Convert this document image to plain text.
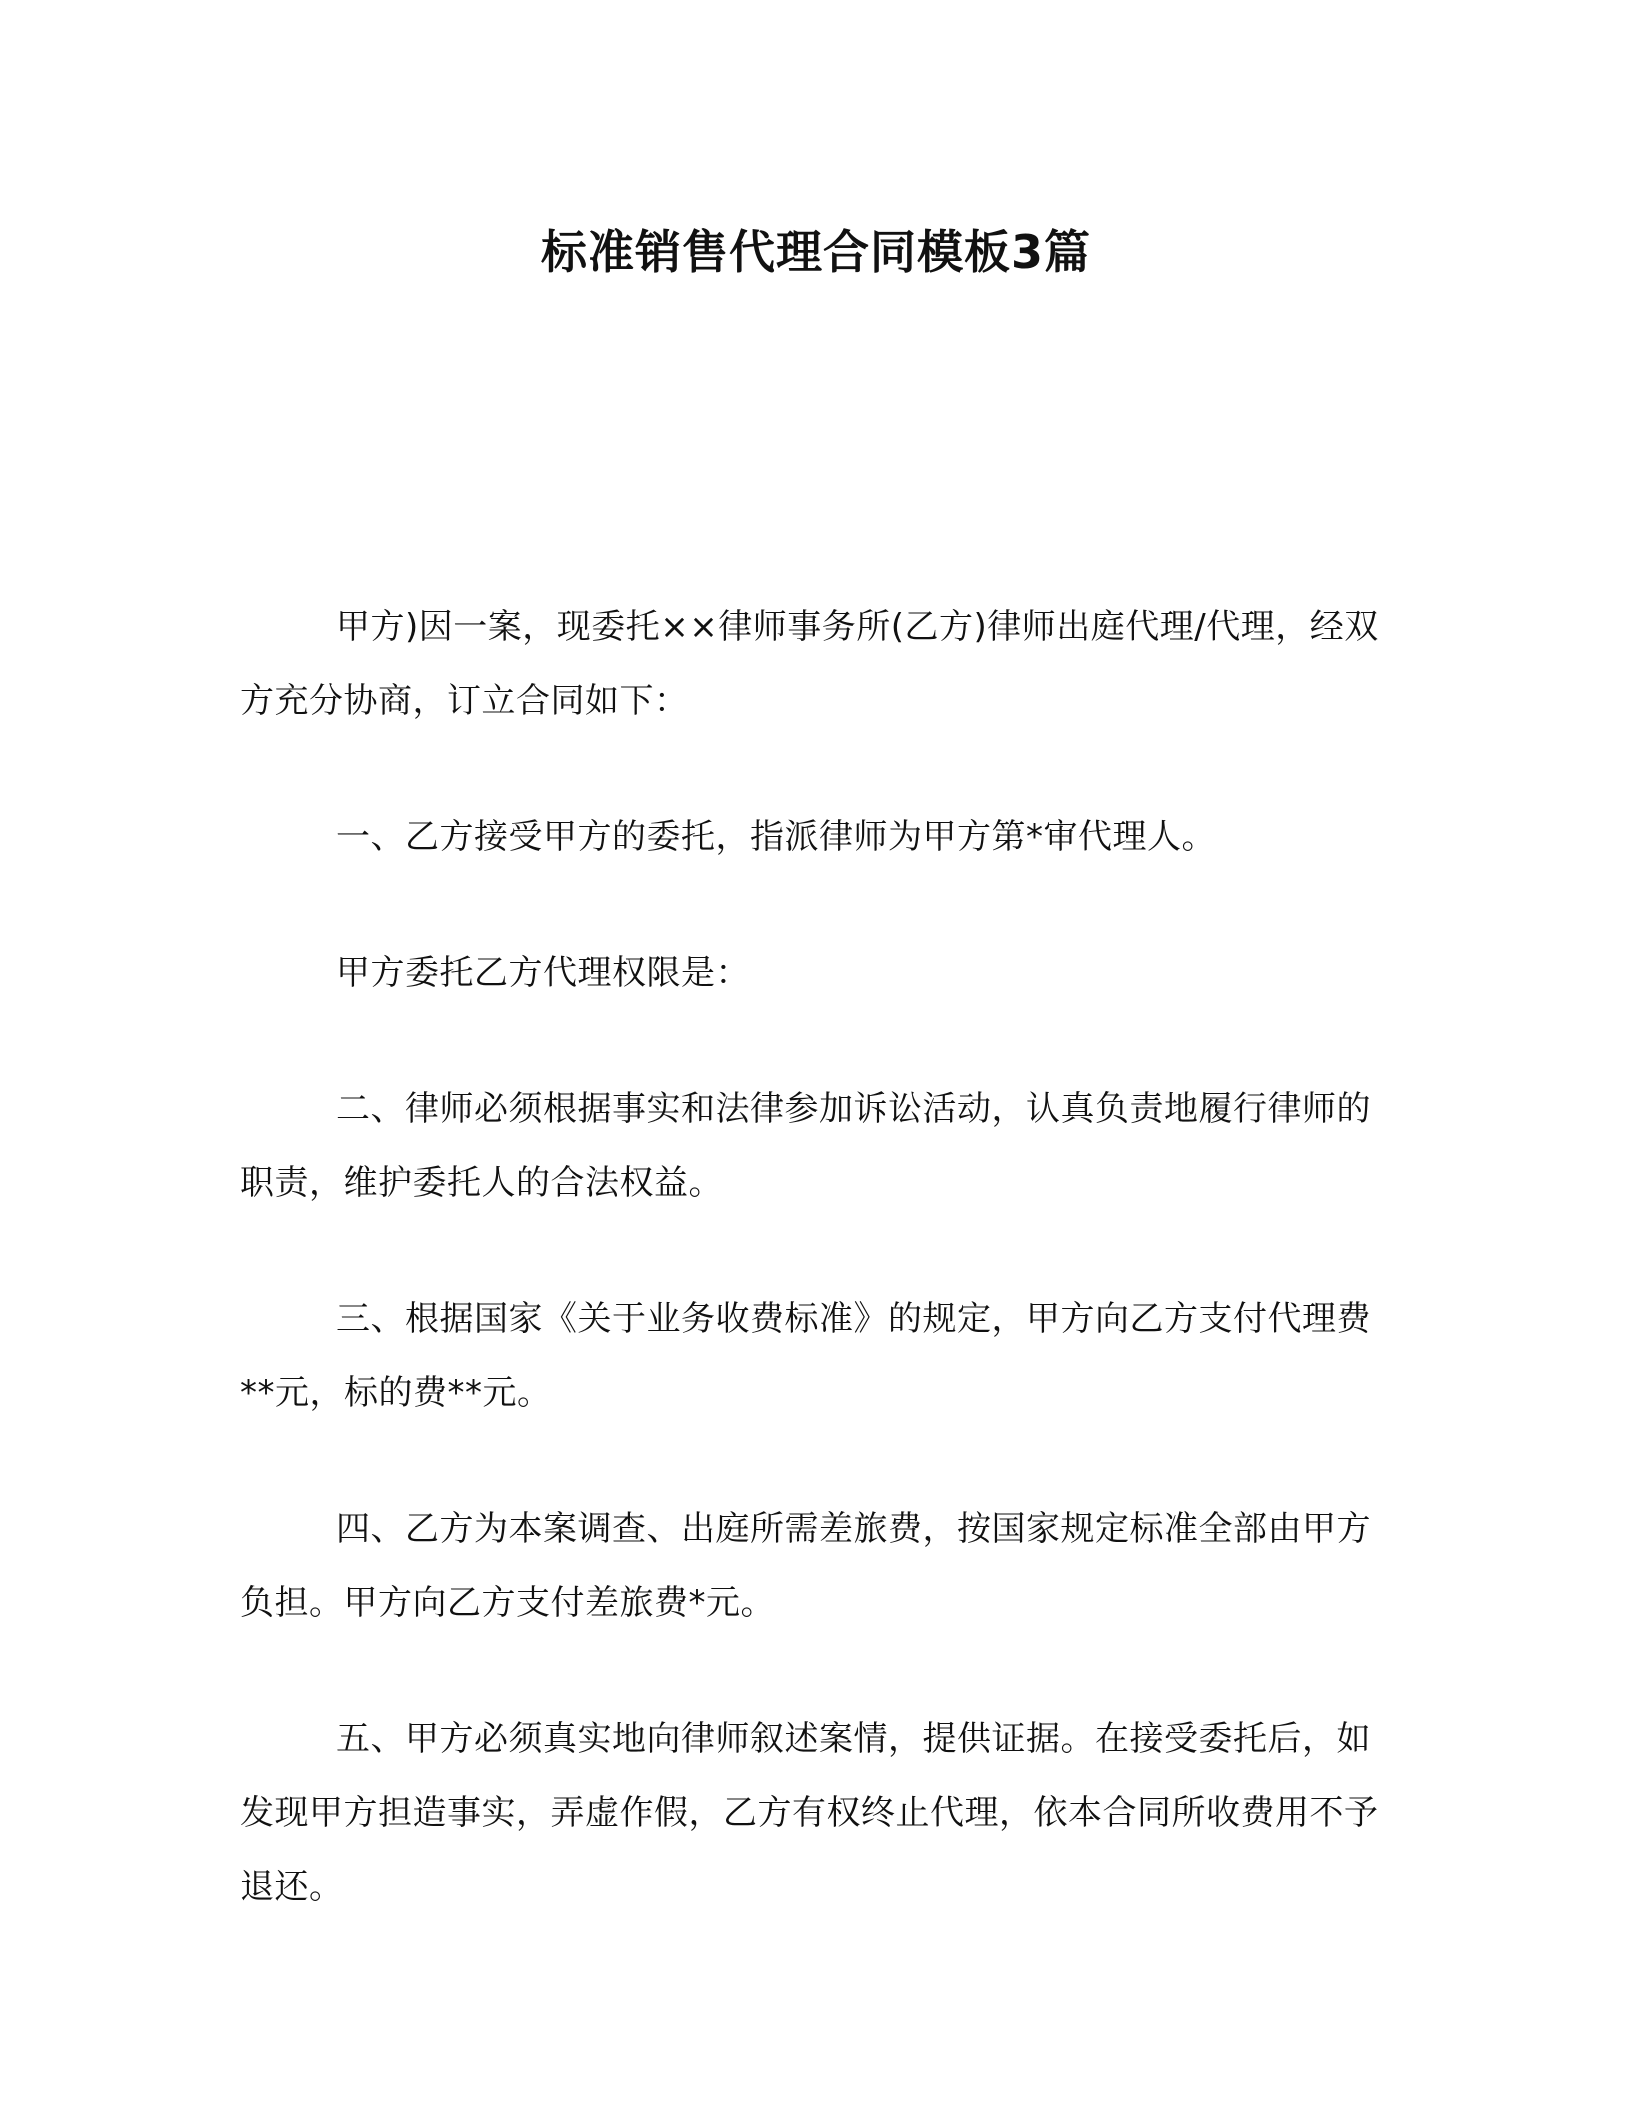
标准销售代理合同模板3篇

甲方)因一案，现委托××律师事务所(乙方)律师出庭代理/代理，经双方充分协商，订立合同如下：

一、乙方接受甲方的委托，指派律师为甲方第*审代理人。

甲方委托乙方代理权限是：

二、律师必须根据事实和法律参加诉讼活动，认真负责地履行律师的职责，维护委托人的合法权益。

三、根据国家《关于业务收费标准》的规定，甲方向乙方支付代理费**元，标的费**元。

四、乙方为本案调查、出庭所需差旅费，按国家规定标准全部由甲方负担。甲方向乙方支付差旅费*元。

五、甲方必须真实地向律师叙述案情，提供证据。在接受委托后，如发现甲方担造事实，弄虚作假，乙方有权终止代理，依本合同所收费用不予退还。
